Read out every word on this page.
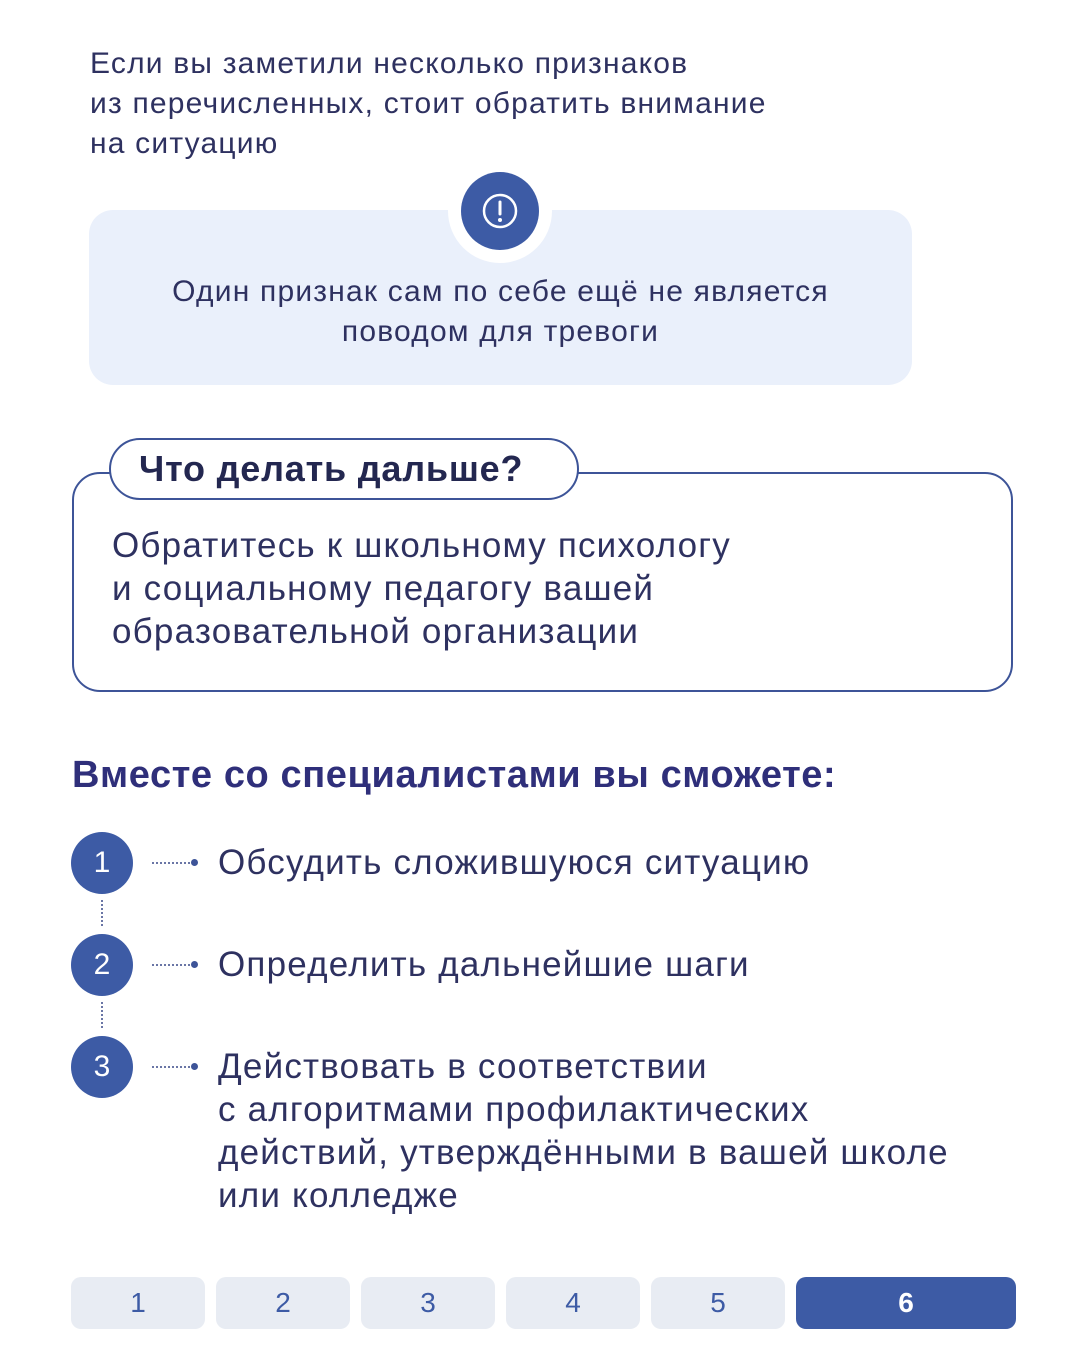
Если вы заметили несколько признаков
из перечисленных, стоит обратить внимание
на ситуацию
Один признак сам по себе ещё не является
поводом для тревоги
Что делать дальше?
Обратитесь к школьному психологу
и социальному педагогу вашей
образовательной организации
Вместе со специалистами вы сможете:
1	Обсудить сложившуюся ситуацию
2	Определить дальнейшие шаги
3	Действовать в соответствии
с алгоритмами профилактических
действий, утверждёнными в вашей школе
или колледже
1	2	3	4	5	6
